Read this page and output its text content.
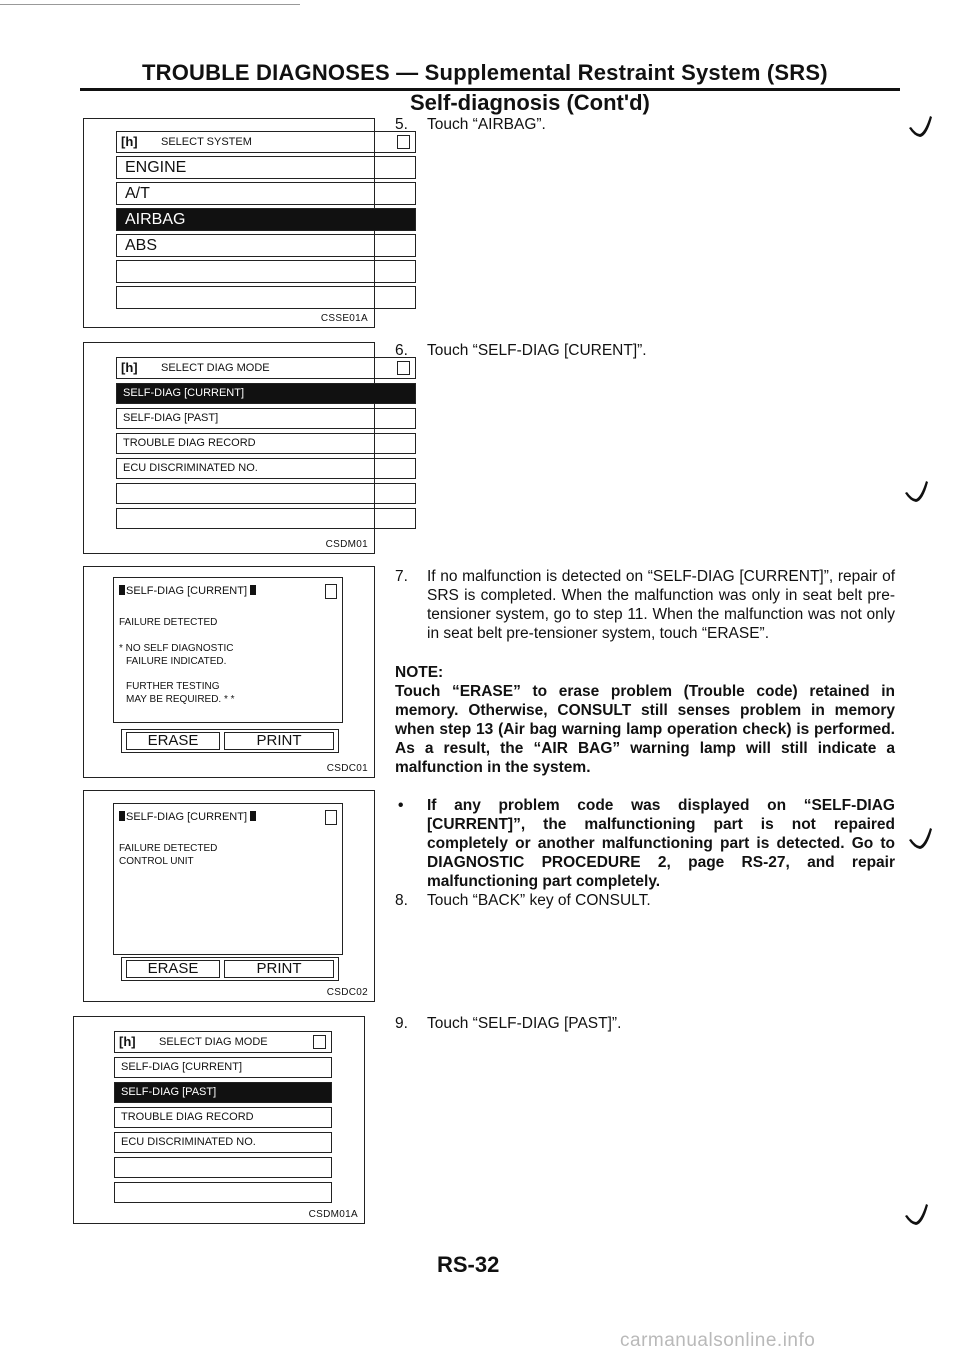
TROUBLE DIAGNOSES — Supplemental Restraint System (SRS)
Self-diagnosis (Cont'd)
[h] SELECT SYSTEM
ENGINE
A/T
AIRBAG
ABS
CSSE01A
[h] SELECT DIAG MODE
SELF-DIAG [CURRENT]
SELF-DIAG [PAST]
TROUBLE DIAG RECORD
ECU DISCRIMINATED NO.
CSDM01
SELF-DIAG [CURRENT]
FAILURE DETECTED
* NO SELF DIAGNOSTIC
FAILURE INDICATED.
FURTHER TESTING
MAY BE REQUIRED. * *
ERASE	PRINT
CSDC01
SELF-DIAG [CURRENT]
FAILURE DETECTED
CONTROL UNIT
ERASE	PRINT
CSDC02
[h] SELECT DIAG MODE
SELF-DIAG [CURRENT]
SELF-DIAG [PAST]
TROUBLE DIAG RECORD
ECU DISCRIMINATED NO.
CSDM01A
5. Touch “AIRBAG”.
6. Touch “SELF-DIAG [CURENT]”.
7. If no malfunction is detected on “SELF-DIAG [CURRENT]”, repair of SRS is completed. When the malfunction was only in seat belt pre-tensioner system, go to step 11. When the malfunction was not only in seat belt pre-tensioner system, touch “ERASE”.
NOTE:
Touch “ERASE” to erase problem (Trouble code) retained in memory. Otherwise, CONSULT still senses problem in memory when step 13 (Air bag warning lamp operation check) is performed. As a result, the “AIR BAG” warning lamp will still indicate a malfunction in the system.
• If any problem code was displayed on “SELF-DIAG [CURRENT]”, the malfunctioning part is not repaired completely or another malfunctioning part is detected. Go to DIAGNOSTIC PROCEDURE 2, page RS-27, and repair malfunctioning part completely.
8. Touch “BACK” key of CONSULT.
9. Touch “SELF-DIAG [PAST]”.
RS-32
carmanualsonline.info
